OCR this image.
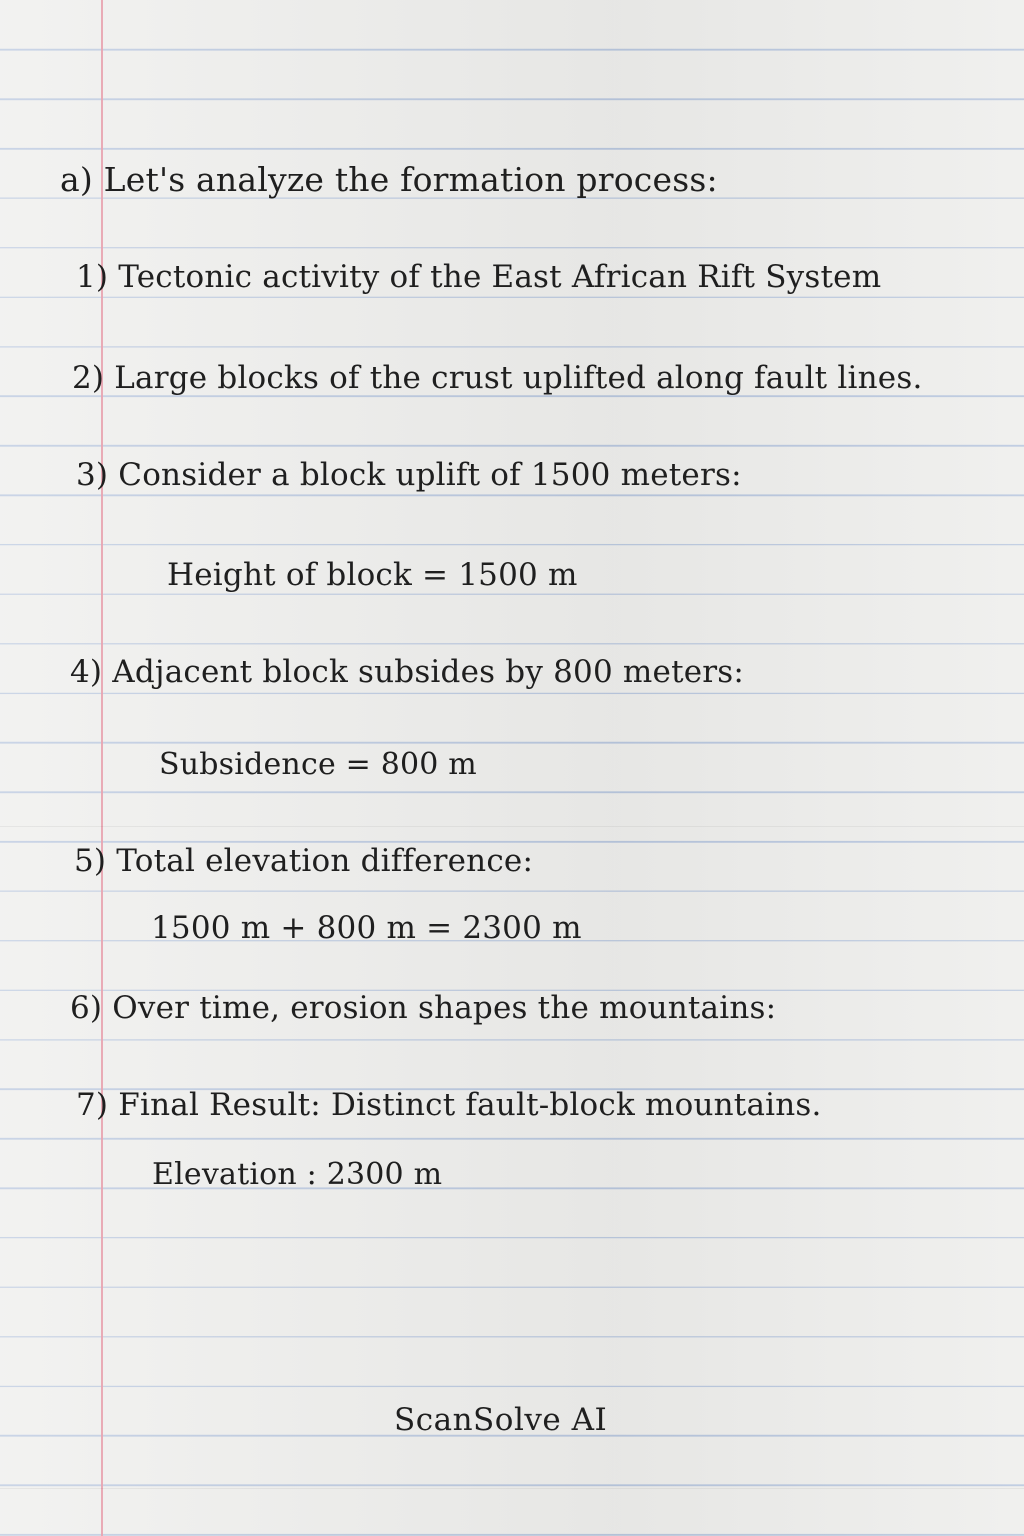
a) Let's analyze the formation process:
1) Tectonic activity of the East African Rift System
2) Large blocks of the crust uplifted along fault lines.
3) Consider a block uplift of 1500 meters:
Height of block = 1500 m
4) Adjacent block subsides by 800 meters:
Subsidence = 800 m
5) Total elevation difference:
1500 m + 800 m = 2300 m
6) Over time, erosion shapes the mountains:
7) Final Result: Distinct fault-block mountains.
Elevation : 2300 m
ScanSolve AI
